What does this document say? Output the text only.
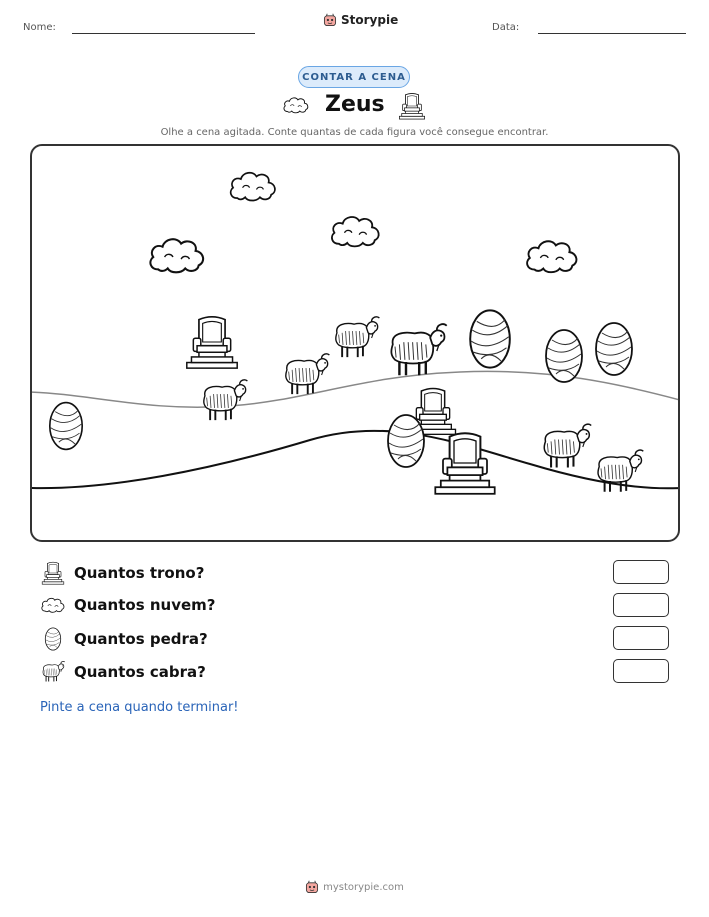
Nome:
Storypie
Data:
CONTAR A CENA
Zeus
Olhe a cena agitada. Conte quantas de cada figura você consegue encontrar.
Quantos trono?
Quantos nuvem?
Quantos pedra?
Quantos cabra?
Pinte a cena quando terminar!
mystorypie.com
